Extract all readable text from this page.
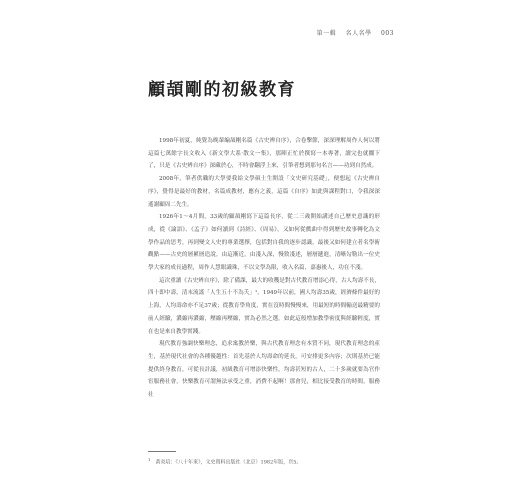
第一輯 名人名學 003
顧頡剛的初級教育

1998年初夏，純覺為晚輩編頡剛名篇《古史辨自序》，合卷擊節，深深理解周作人何以將這篇七萬餘字長文收入《新文學大系·散文一集》，那陣正忙於撰寫一本專著，讀完也就擱下了，只是《古史辨自序》深藏於心，不時會翻浮上來，引筆者想到那句名言——功到自然成。

2008年，筆者供職的大學要我給文學碩士生開設「文史研究基礎」，便想起《古史辨自序》，覺得是最好的教材，名篇成教材，應有之義，這篇《自序》如此與課程對口，令我深深遙謝顧周二先生。

1926年1～4月間，33歲的顧頡剛寫下這篇長序，從二三歲開始講述自己歷史意識的形成，從《論語》、《孟子》如何讀到《詩經》、《周易》，又如何從戲曲中得到歷史故事轉化為文學作品的思考，再到變文人史的專業選擇，包括對自我的逐步認識，最後又如何建立者名學術觀點——古史的層累層造說。由這漸近，由淺入深，慢敘淺述，層層遞進，清晰勾勒出一位史學大家的成長過程，周作人慧眼識珠，不以文學為限，收入名篇，嘉惠後人，功在不淺。

這次重讀《古史辨自序》，除了備課，最大的收穫是對古代教育增添心得，古人均壽不長，四十即中壽，清末流謠「人生五十不為夭」¹，1949年以前，國人均壽35歲，經濟條件最好的上海，人均壽命亦不足37歲；從教育學角度，實在沒時間慢慢來，用最短的時間輸送最精要的前人經驗，濃縮再濃縮，壓縮再壓縮，實為必然之選。如此這般增加教學密度與經驗輕度，實在也是來自教學實踐。

現代教育強調快樂理念，追求寓教於樂，與古代教育理念有本質不同，現代教育理念的產生，基於現代社會的各種優越性：首先基於人均壽命的延長，可安排更多內容；次則基於已能提供終身教育，可從長計議，初級教育可增添快樂性，均壽甚短的古人，二十多歲就要為官作宦服務社會，快樂教育可謂無法承受之重，消費不起啊！那會兒，相比接受教育的時間，服務社

$^1$黃炎培：《八十年來》，文史資料出版社（北京）1982年版，頁5。
